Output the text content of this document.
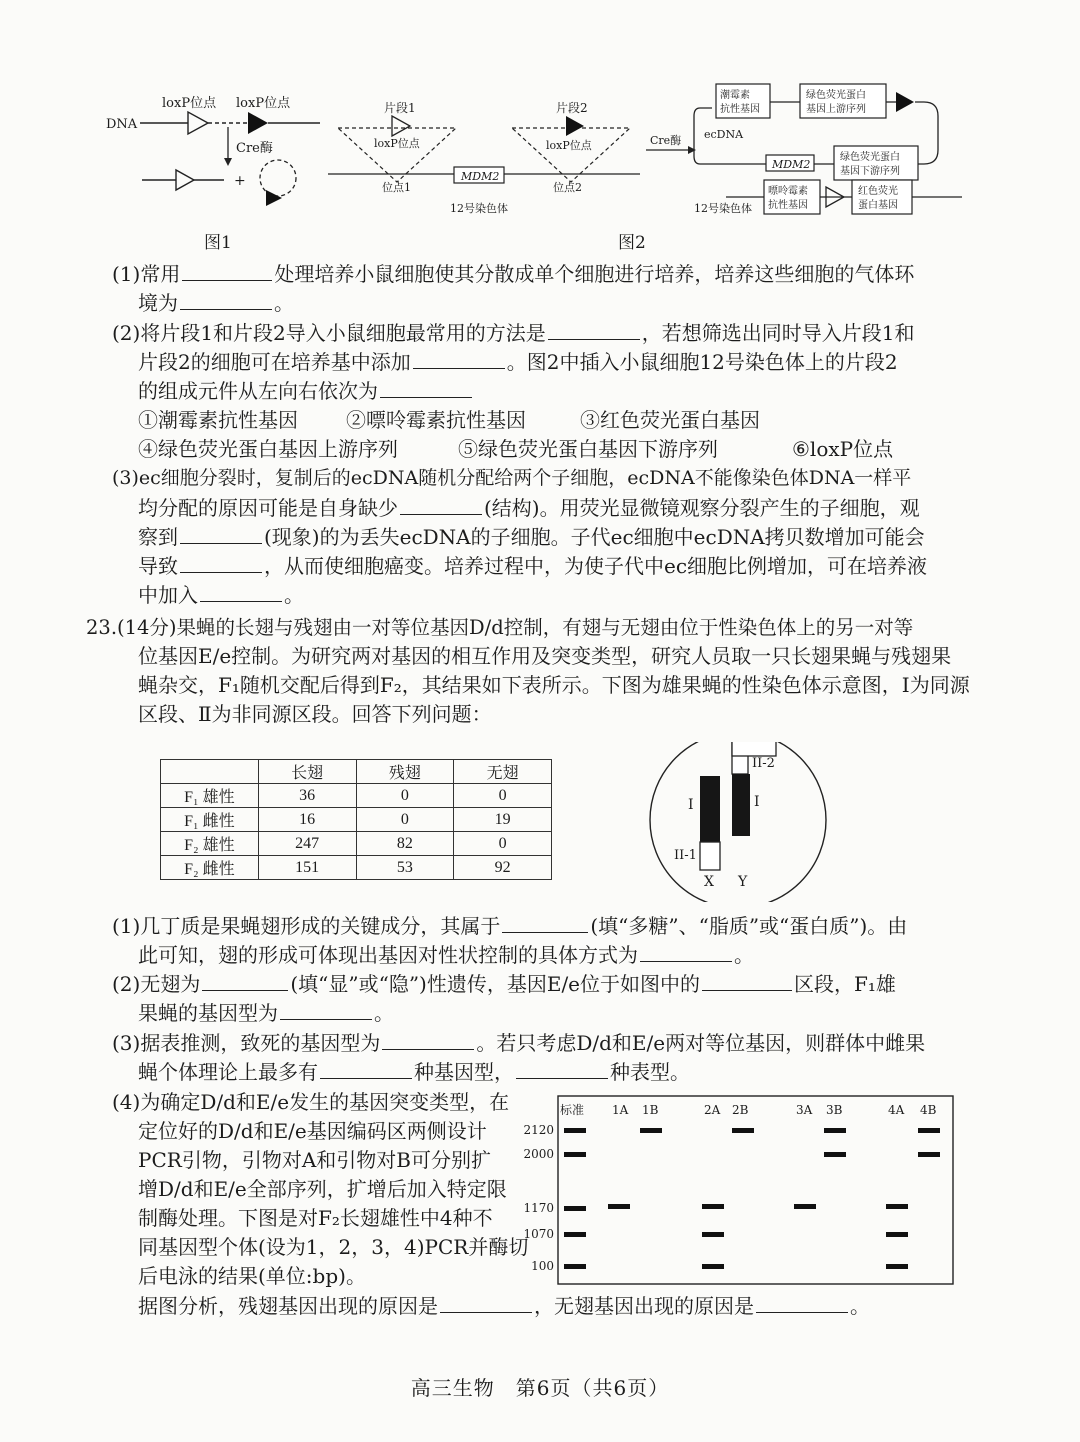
loxP位点 loxP位点
DNA
Cre酶
+
图1
片段1
loxP位点
片段2
loxP位点
MDM2
位点1	位点2
12号染色体
Cre酶
潮霉素
抗性基因
绿色荧光蛋白
基因上游序列
ecDNA
MDM2
绿色荧光蛋白
基因下游序列
12号染色体
嘌呤霉素
抗性基因
红色荧光
蛋白基因
图2
(1)常用	处理培养小鼠细胞使其分散成单个细胞进行培养，培养这些细胞的气体环
境为	。
(2)将片段1和片段2导入小鼠细胞最常用的方法是	，若想筛选出同时导入片段1和
片段2的细胞可在培养基中添加	。图2中插入小鼠细胞12号染色体上的片段2
的组成元件从左向右依次为
①潮霉素抗性基因 ②嘌呤霉素抗性基因	③红色荧光蛋白基因
④绿色荧光蛋白基因上游序列	⑤绿色荧光蛋白基因下游序列	⑥loxP位点
(3)ec细胞分裂时，复制后的ecDNA随机分配给两个子细胞，ecDNA不能像染色体DNA一样平
均分配的原因可能是自身缺少	(结构)。用荧光显微镜观察分裂产生的子细胞，观
察到	(现象)的为丢失ecDNA的子细胞。子代ec细胞中ecDNA拷贝数增加可能会
导致	，从而使细胞癌变。培养过程中，为使子代中ec细胞比例增加，可在培养液
中加入	。
23.(14分)果蝇的长翅与残翅由一对等位基因D/d控制，有翅与无翅由位于性染色体上的另一对等
位基因E/e控制。为研究两对基因的相互作用及突变类型，研究人员取一只长翅果蝇与残翅果
蝇杂交，F₁随机交配后得到F₂，其结果如下表所示。下图为雄果蝇的性染色体示意图，Ⅰ为同源
区段、Ⅱ为非同源区段。回答下列问题：
	长翅	残翅	无翅
F₁ 雄性	36	0	0
F₁ 雌性	16	0	19
F₂ 雄性	247	82	0
F₂ 雌性	151	53	92
II-2
I	I
II-1
X Y
(1)几丁质是果蝇翅形成的关键成分，其属于	(填“多糖”、“脂质”或“蛋白质”)。由
此可知，翅的形成可体现出基因对性状控制的具体方式为	。
(2)无翅为	(填“显”或“隐”)性遗传，基因E/e位于如图中的	区段，F₁雄
果蝇的基因型为	。
(3)据表推测，致死的基因型为	。若只考虑D/d和E/e两对等位基因，则群体中雌果
蝇个体理论上最多有	种基因型，	种表型。
(4)为确定D/d和E/e发生的基因突变类型，在
定位好的D/d和E/e基因编码区两侧设计
PCR引物，引物对A和引物对B可分别扩
增D/d和E/e全部序列，扩增后加入特定限
制酶处理。下图是对F₂长翅雄性中4种不
同基因型个体(设为1，2，3，4)PCR并酶切
后电泳的结果(单位:bp)。
据图分析，残翅基因出现的原因是	，无翅基因出现的原因是	。
标准 1A 1B	2A 2B	3A 3B	4A 4B
2120
2000
1170
1070
100
高三生物　第6页（共6页）
